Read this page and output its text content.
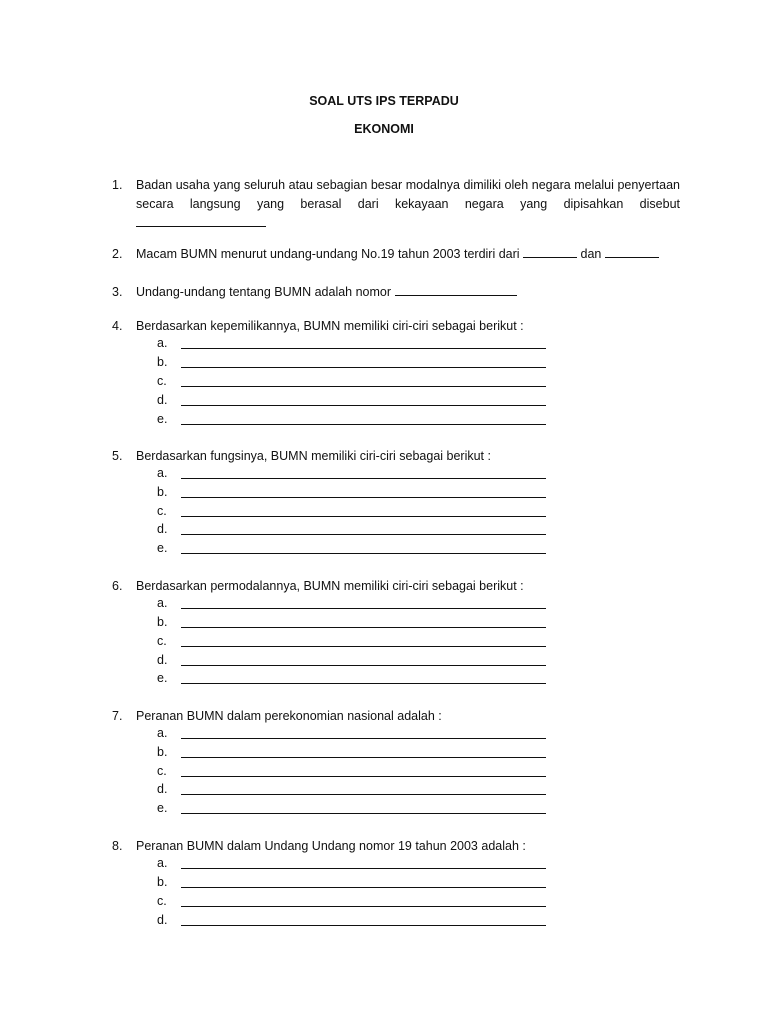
SOAL UTS IPS TERPADU
EKONOMI
1. Badan usaha yang seluruh atau sebagian besar modalnya dimiliki oleh negara melalui penyertaan
secara langsung yang berasal dari kekayaan negara yang dipisahkan disebut
2. Macam BUMN menurut undang-undang No.19 tahun 2003 terdiri dari	dan
3. Undang-undang tentang BUMN adalah nomor
4. Berdasarkan kepemilikannya, BUMN memiliki ciri-ciri sebagai berikut :
a.
b.
c.
d.
e.
5. Berdasarkan fungsinya, BUMN memiliki ciri-ciri sebagai berikut :
a.
b.
c.
d.
e.
6. Berdasarkan permodalannya, BUMN memiliki ciri-ciri sebagai berikut :
a.
b.
c.
d.
e.
7. Peranan BUMN dalam perekonomian nasional adalah :
a.
b.
c.
d.
e.
8. Peranan BUMN dalam Undang Undang nomor 19 tahun 2003 adalah :
a.
b.
c.
d.
